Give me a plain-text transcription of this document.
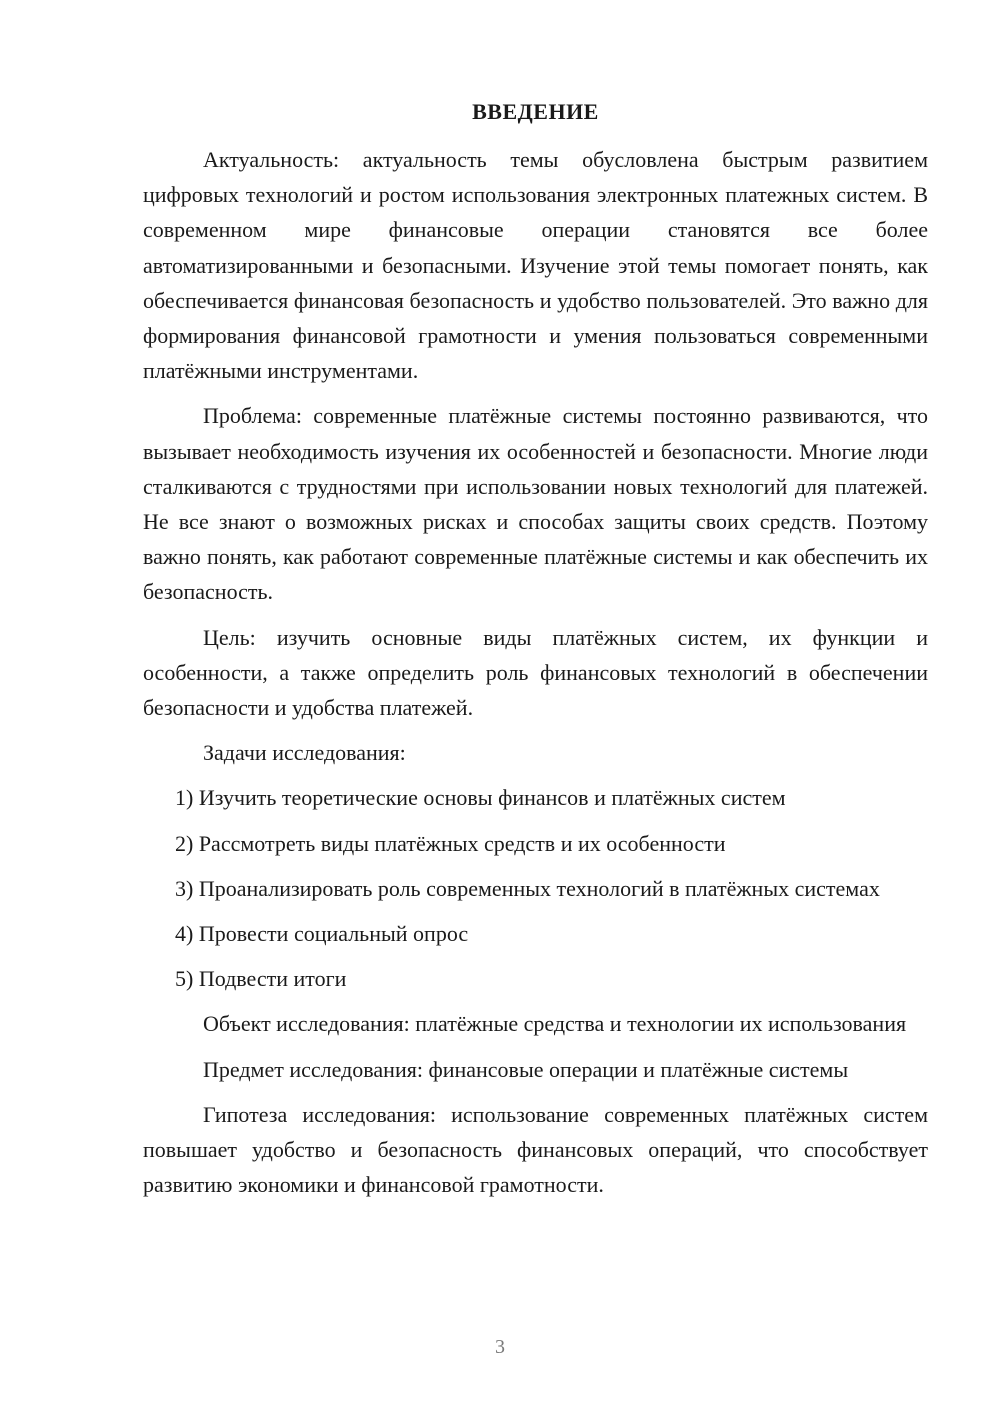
ВВЕДЕНИЕ

Актуальность: актуальность темы обусловлена быстрым развитием цифровых технологий и ростом использования электронных платежных систем. В современном мире финансовые операции становятся все более автоматизированными и безопасными. Изучение этой темы помогает понять, как обеспечивается финансовая безопасность и удобство пользователей. Это важно для формирования финансовой грамотности и умения пользоваться современными платёжными инструментами.

Проблема: современные платёжные системы постоянно развиваются, что вызывает необходимость изучения их особенностей и безопасности. Многие люди сталкиваются с трудностями при использовании новых технологий для платежей. Не все знают о возможных рисках и способах защиты своих средств. Поэтому важно понять, как работают современные платёжные системы и как обеспечить их безопасность.

Цель: изучить основные виды платёжных систем, их функции и особенности, а также определить роль финансовых технологий в обеспечении безопасности и удобства платежей.

Задачи исследования:

1) Изучить теоретические основы финансов и платёжных систем

2) Рассмотреть виды платёжных средств и их особенности

3) Проанализировать роль современных технологий в платёжных системах

4) Провести социальный опрос

5) Подвести итоги

Объект исследования: платёжные средства и технологии их использования

Предмет исследования: финансовые операции и платёжные системы

Гипотеза исследования: использование современных платёжных систем повышает удобство и безопасность финансовых операций, что способствует развитию экономики и финансовой грамотности.

3
